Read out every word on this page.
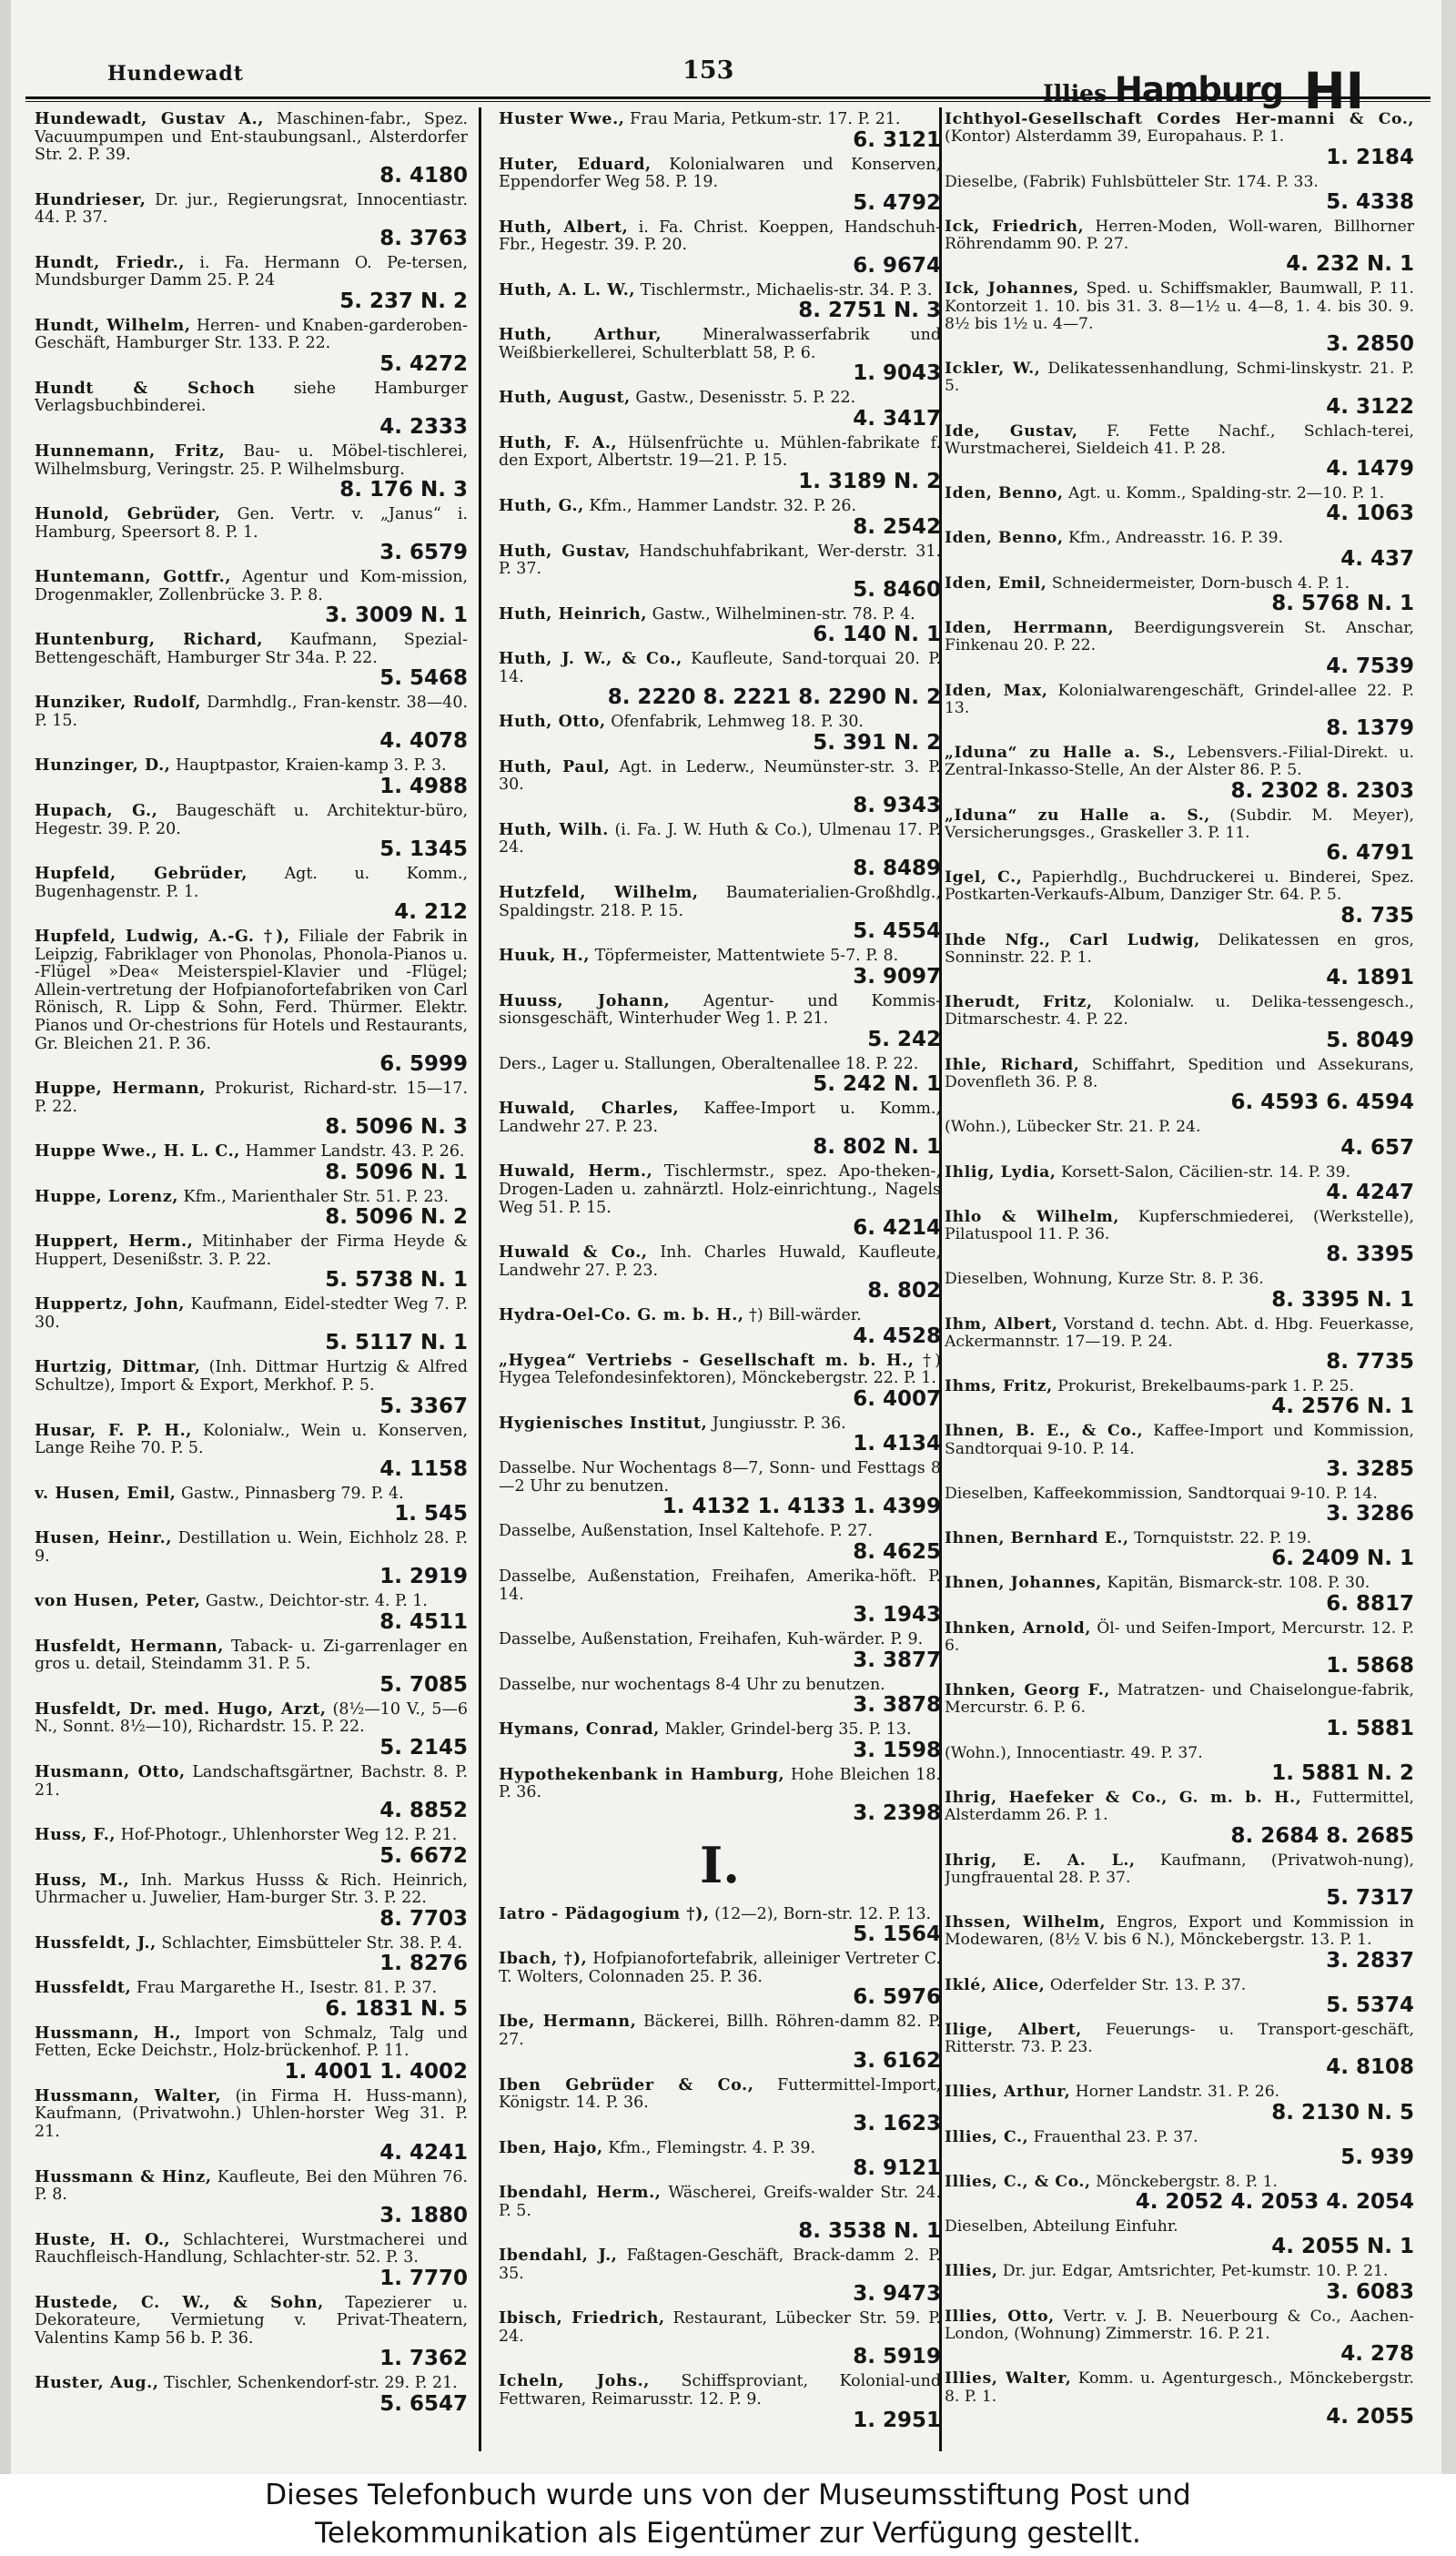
Hundewadt	153
Illies Hamburg HI
Hundewadt, Gustav A., Maschinen-fabr., Spez. Vacuumpumpen und Ent-staubungsanl., Alsterdorfer Str. 2. P. 39.
8. 4180
Hundrieser, Dr. jur., Regierungsrat, Innocentiastr. 44. P. 37.
8. 3763
Hundt, Friedr., i. Fa. Hermann O. Pe-tersen, Mundsburger Damm 25. P. 24
5. 237 N. 2
Hundt, Wilhelm, Herren- und Knaben-garderoben-Geschäft, Hamburger Str. 133. P. 22.
5. 4272
Hundt & Schoch siehe Hamburger Verlagsbuchbinderei.
4. 2333
Hunnemann, Fritz, Bau- u. Möbel-tischlerei, Wilhelmsburg, Veringstr. 25. P. Wilhelmsburg.
8. 176 N. 3
Hunold, Gebrüder, Gen. Vertr. v. „Janus“ i. Hamburg, Speersort 8. P. 1.
3. 6579
Huntemann, Gottfr., Agentur und Kom-mission, Drogenmakler, Zollenbrücke 3. P. 8.
3. 3009 N. 1
Huntenburg, Richard, Kaufmann, Spezial-Bettengeschäft, Hamburger Str 34a. P. 22.
5. 5468
Hunziker, Rudolf, Darmhdlg., Fran-kenstr. 38—40. P. 15.
4. 4078
Hunzinger, D., Hauptpastor, Kraien-kamp 3. P. 3.
1. 4988
Hupach, G., Baugeschäft u. Architektur-büro, Hegestr. 39. P. 20.
5. 1345
Hupfeld, Gebrüder, Agt. u. Komm., Bugenhagenstr. P. 1.
4. 212
Hupfeld, Ludwig, A.-G. †), Filiale der Fabrik in Leipzig, Fabriklager von Phonolas, Phonola-Pianos u. -Flügel »Dea« Meisterspiel-Klavier und -Flügel; Allein-vertretung der Hofpianofortefabriken von Carl Rönisch, R. Lipp & Sohn, Ferd. Thürmer. Elektr. Pianos und Or-chestrions für Hotels und Restaurants, Gr. Bleichen 21. P. 36.
6. 5999
Huppe, Hermann, Prokurist, Richard-str. 15—17. P. 22.
8. 5096 N. 3
Huppe Wwe., H. L. C., Hammer Landstr. 43. P. 26.
8. 5096 N. 1
Huppe, Lorenz, Kfm., Marienthaler Str. 51. P. 23.
8. 5096 N. 2
Huppert, Herm., Mitinhaber der Firma Heyde & Huppert, Desenißstr. 3. P. 22.
5. 5738 N. 1
Huppertz, John, Kaufmann, Eidel-stedter Weg 7. P. 30.
5. 5117 N. 1
Hurtzig, Dittmar, (Inh. Dittmar Hurtzig & Alfred Schultze), Import & Export, Merkhof. P. 5.
5. 3367
Husar, F. P. H., Kolonialw., Wein u. Konserven, Lange Reihe 70. P. 5.
4. 1158
v. Husen, Emil, Gastw., Pinnasberg 79. P. 4.
1. 545
Husen, Heinr., Destillation u. Wein, Eichholz 28. P. 9.
1. 2919
von Husen, Peter, Gastw., Deichtor-str. 4. P. 1.
8. 4511
Husfeldt, Hermann, Taback- u. Zi-garrenlager en gros u. detail, Steindamm 31. P. 5.
5. 7085
Husfeldt, Dr. med. Hugo, Arzt, (8½—10 V., 5—6 N., Sonnt. 8½—10), Richardstr. 15. P. 22.
5. 2145
Husmann, Otto, Landschaftsgärtner, Bachstr. 8. P. 21.
4. 8852
Huss, F., Hof-Photogr., Uhlenhorster Weg 12. P. 21.
5. 6672
Huss, M., Inh. Markus Husss & Rich. Heinrich, Uhrmacher u. Juwelier, Ham-burger Str. 3. P. 22.
8. 7703
Hussfeldt, J., Schlachter, Eimsbütteler Str. 38. P. 4.
1. 8276
Hussfeldt, Frau Margarethe H., Isestr. 81. P. 37.
6. 1831 N. 5
Hussmann, H., Import von Schmalz, Talg und Fetten, Ecke Deichstr., Holz-brückenhof. P. 11.
1. 4001 1. 4002
Hussmann, Walter, (in Firma H. Huss-mann), Kaufmann, (Privatwohn.) Uhlen-horster Weg 31. P. 21.
4. 4241
Hussmann & Hinz, Kaufleute, Bei den Mühren 76. P. 8.
3. 1880
Huste, H. O., Schlachterei, Wurstmacherei und Rauchfleisch-Handlung, Schlachter-str. 52. P. 3.
1. 7770
Hustede, C. W., & Sohn, Tapezierer u. Dekorateure, Vermietung v. Privat-Theatern, Valentins Kamp 56 b. P. 36.
1. 7362
Huster, Aug., Tischler, Schenkendorf-str. 29. P. 21.
5. 6547
Huster Wwe., Frau Maria, Petkum-str. 17. P. 21.
6. 3121
Huter, Eduard, Kolonialwaren und Konserven, Eppendorfer Weg 58. P. 19.
5. 4792
Huth, Albert, i. Fa. Christ. Koeppen, Handschuh-Fbr., Hegestr. 39. P. 20.
6. 9674
Huth, A. L. W., Tischlermstr., Michaelis-str. 34. P. 3.
8. 2751 N. 3
Huth, Arthur,	Mineralwasserfabrik und Weißbierkellerei, Schulterblatt 58, P. 6.
1. 9043
Huth, August, Gastw., Desenisstr. 5. P. 22.
4. 3417
Huth, F. A., Hülsenfrüchte u. Mühlen-fabrikate f. den Export, Albertstr. 19—21. P. 15.
1. 3189 N. 2
Huth, G., Kfm., Hammer Landstr. 32. P. 26.
8. 2542
Huth, Gustav, Handschuhfabrikant, Wer-derstr. 31. P. 37.
5. 8460
Huth, Heinrich, Gastw., Wilhelminen-str. 78. P. 4.
6. 140 N. 1
Huth, J. W., & Co., Kaufleute, Sand-torquai 20. P. 14.
8. 2220 8. 2221 8. 2290 N. 2
Huth, Otto, Ofenfabrik, Lehmweg 18. P. 30.
5. 391 N. 2
Huth, Paul, Agt. in Lederw., Neumünster-str. 3. P. 30.
8. 9343
Huth, Wilh. (i. Fa. J. W. Huth & Co.), Ulmenau 17. P. 24.
8. 8489
Hutzfeld, Wilhelm, Baumaterialien-Großhdlg., Spaldingstr. 218. P. 15.
5. 4554
Huuk, H., Töpfermeister, Mattentwiete 5-7. P. 8.
3. 9097
Huuss, Johann, Agentur- und Kommis-sionsgeschäft, Winterhuder Weg 1. P. 21.
5. 242
Ders., Lager u. Stallungen, Oberaltenallee 18. P. 22.
5. 242 N. 1
Huwald, Charles, Kaffee-Import u. Komm., Landwehr 27. P. 23.
8. 802 N. 1
Huwald, Herm., Tischlermstr., spez. Apo-theken-, Drogen-Laden u. zahnärztl. Holz-einrichtung., Nagels Weg 51. P. 15.
6. 4214
Huwald & Co., Inh. Charles Huwald, Kaufleute, Landwehr 27. P. 23.
8. 802
Hydra-Oel-Co. G. m. b. H., †) Bill-wärder.
4. 4528
„Hygea“ Vertriebs - Gesellschaft m. b. H., †) Hygea Telefondesinfektoren), Mönckebergstr. 22. P. 1.
6. 4007
Hygienisches Institut, Jungiusstr. P. 36.
1. 4134
Dasselbe. Nur Wochentags 8—7, Sonn- und Festtags 8—2 Uhr zu benutzen.
1. 4132 1. 4133 1. 4399
Dasselbe, Außenstation, Insel Kaltehofe. P. 27.
8. 4625
Dasselbe, Außenstation, Freihafen, Amerika-höft. P. 14.
3. 1943
Dasselbe, Außenstation, Freihafen, Kuh-wärder. P. 9.
3. 3877
Dasselbe, nur wochentags 8-4 Uhr zu benutzen.
3. 3878
Hymans, Conrad, Makler, Grindel-berg 35. P. 13.
3. 1598
Hypothekenbank in Hamburg, Hohe Bleichen 18. P. 36.
3. 2398
I.
Iatro - Pädagogium †), (12—2), Born-str. 12. P. 13.
5. 1564
Ibach, †), Hofpianofortefabrik, alleiniger Vertreter C. T. Wolters, Colonnaden 25. P. 36.
6. 5976
Ibe, Hermann, Bäckerei, Billh. Röhren-damm 82. P. 27.
3. 6162
Iben Gebrüder & Co., Futtermittel-Import, Königstr. 14. P. 36.
3. 1623
Iben, Hajo, Kfm., Flemingstr. 4. P. 39.
8. 9121
Ibendahl, Herm., Wäscherei, Greifs-walder Str. 24. P. 5.
8. 3538 N. 1
Ibendahl, J., Faßtagen-Geschäft, Brack-damm 2. P. 35.
3. 9473
Ibisch, Friedrich, Restaurant, Lübecker Str. 59. P. 24.
8. 5919
Icheln, Johs., Schiffsproviant, Kolonial-und Fettwaren, Reimarusstr. 12. P. 9.
1. 2951
Ichthyol-Gesellschaft Cordes Her-manni & Co., (Kontor) Alsterdamm 39, Europahaus. P. 1.
1. 2184
Dieselbe, (Fabrik) Fuhlsbütteler Str. 174. P. 33.
5. 4338
Ick, Friedrich, Herren-Moden, Woll-waren, Billhorner Röhrendamm 90. P. 27.
4. 232 N. 1
Ick, Johannes, Sped. u. Schiffsmakler, Baumwall, P. 11. Kontorzeit 1. 10. bis 31. 3. 8—1½ u. 4—8, 1. 4. bis 30. 9. 8½ bis 1½ u. 4—7.
3. 2850
Ickler, W., Delikatessenhandlung, Schmi-linskystr. 21. P. 5.
4. 3122
Ide, Gustav, F. Fette Nachf., Schlach-terei, Wurstmacherei, Sieldeich 41. P. 28.
4. 1479
Iden, Benno, Agt. u. Komm., Spalding-str. 2—10. P. 1.
4. 1063
Iden, Benno, Kfm., Andreasstr. 16. P. 39.
4. 437
Iden, Emil, Schneidermeister, Dorn-busch 4. P. 1.
8. 5768 N. 1
Iden, Herrmann, Beerdigungsverein St. Anschar, Finkenau 20. P. 22.
4. 7539
Iden, Max, Kolonialwarengeschäft, Grindel-allee 22. P. 13.
8. 1379
„Iduna“ zu Halle a. S., Lebensvers.-Filial-Direkt. u. Zentral-Inkasso-Stelle, An der Alster 86. P. 5.
8. 2302 8. 2303
„Iduna“ zu Halle a. S., (Subdir. M. Meyer), Versicherungsges., Graskeller 3. P. 11.
6. 4791
Igel, C., Papierhdlg., Buchdruckerei u. Binderei, Spez. Postkarten-Verkaufs-Album, Danziger Str. 64. P. 5.
8. 735
Ihde Nfg., Carl Ludwig, Delikatessen en gros, Sonninstr. 22. P. 1.
4. 1891
Iherudt, Fritz, Kolonialw. u. Delika-tessengesch., Ditmarschestr. 4. P. 22.
5. 8049
Ihle, Richard, Schiffahrt, Spedition und Assekurans, Dovenfleth 36. P. 8.
6. 4593 6. 4594
(Wohn.), Lübecker Str. 21. P. 24.
4. 657
Ihlig, Lydia, Korsett-Salon, Cäcilien-str. 14. P. 39.
4. 4247
Ihlo & Wilhelm, Kupferschmiederei, (Werkstelle), Pilatuspool 11. P. 36.
8. 3395
Dieselben, Wohnung, Kurze Str. 8. P. 36.
8. 3395 N. 1
Ihm, Albert, Vorstand d. techn. Abt. d. Hbg. Feuerkasse, Ackermannstr. 17—19. P. 24.
8. 7735
Ihms, Fritz, Prokurist, Brekelbaums-park 1. P. 25.
4. 2576 N. 1
Ihnen, B. E., & Co., Kaffee-Import und Kommission, Sandtorquai 9-10. P. 14.
3. 3285
Dieselben, Kaffeekommission, Sandtorquai 9-10. P. 14.
3. 3286
Ihnen, Bernhard E., Tornquiststr. 22. P. 19.
6. 2409 N. 1
Ihnen, Johannes, Kapitän, Bismarck-str. 108. P. 30.
6. 8817
Ihnken, Arnold, Öl- und Seifen-Import, Mercurstr. 12. P. 6.
1. 5868
Ihnken, Georg F., Matratzen- und Chaiselongue-fabrik, Mercurstr. 6. P. 6.
1. 5881
(Wohn.), Innocentiastr. 49. P. 37.
1. 5881 N. 2
Ihrig, Haefeker & Co., G. m. b. H., Futtermittel, Alsterdamm 26. P. 1.
8. 2684 8. 2685
Ihrig, E. A. L., Kaufmann, (Privatwoh-nung), Jungfrauental 28. P. 37.
5. 7317
Ihssen, Wilhelm, Engros, Export und Kommission in Modewaren, (8½ V. bis 6 N.), Mönckebergstr. 13. P. 1.
3. 2837
Iklé, Alice, Oderfelder Str. 13. P. 37.
5. 5374
Ilige, Albert, Feuerungs- u. Transport-geschäft, Ritterstr. 73. P. 23.
4. 8108
Illies, Arthur, Horner Landstr. 31. P. 26.
8. 2130 N. 5
Illies, C., Frauenthal 23. P. 37.
5. 939
Illies, C., & Co., Mönckebergstr. 8. P. 1.
4. 2052 4. 2053 4. 2054
Dieselben, Abteilung Einfuhr.
4. 2055 N. 1
Illies, Dr. jur. Edgar, Amtsrichter, Pet-kumstr. 10. P. 21.
3. 6083
Illies, Otto, Vertr. v. J. B. Neuerbourg & Co., Aachen-London, (Wohnung) Zimmerstr. 16. P. 21.
4. 278
Illies, Walter, Komm. u. Agenturgesch., Mönckebergstr. 8. P. 1.
4. 2055
Dieses Telefonbuch wurde uns von der Museumsstiftung Post und
Telekommunikation als Eigentümer zur Verfügung gestellt.
